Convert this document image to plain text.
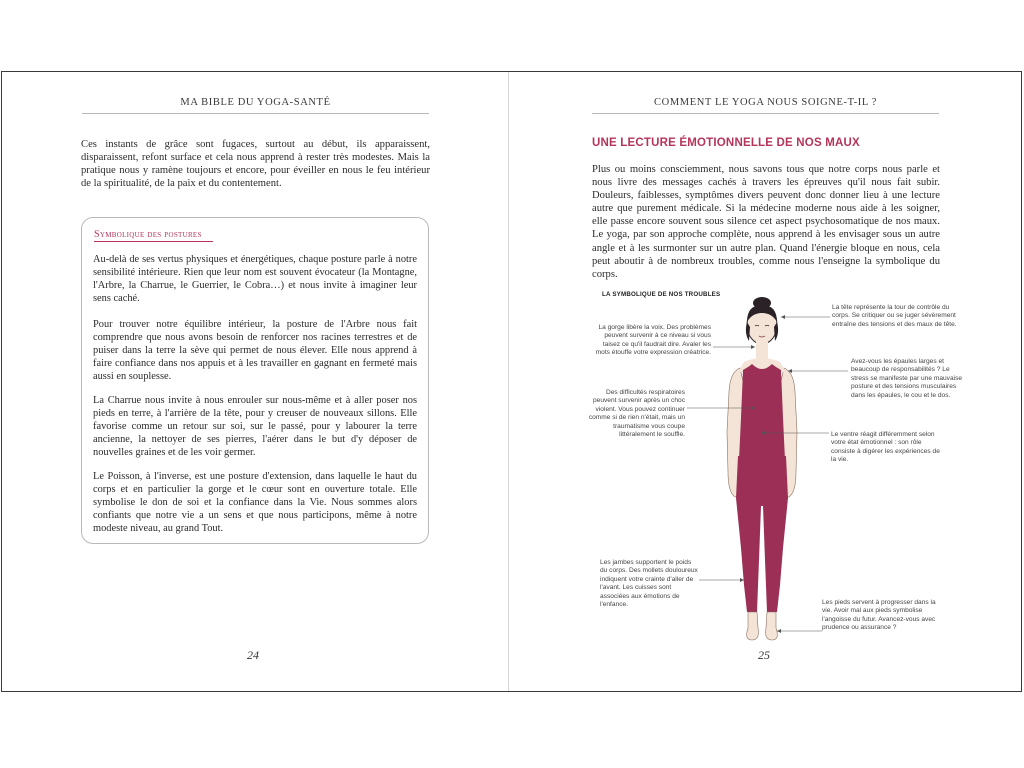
MA BIBLE DU YOGA-SANTÉ

Ces instants de grâce sont fugaces, surtout au début, ils apparaissent, disparaissent, refont surface et cela nous apprend à rester très modestes. Mais la pratique nous y ramène toujours et encore, pour éveiller en nous le feu intérieur de la spiritualité, de la paix et du contentement.

Symbolique des postures

Au-delà de ses vertus physiques et énergétiques, chaque posture parle à notre sensibilité intérieure. Rien que leur nom est souvent évocateur (la Montagne, l'Arbre, la Charrue, le Guerrier, le Cobra…) et nous invite à imaginer leur sens caché.

Pour trouver notre équilibre intérieur, la posture de l'Arbre nous fait comprendre que nous avons besoin de renforcer nos racines terrestres et de puiser dans la terre la sève qui permet de nous élever. Elle nous apprend à faire confiance dans nos appuis et à les travailler en gagnant en fermeté mais aussi en souplesse.

La Charrue nous invite à nous enrouler sur nous-même et à aller poser nos pieds en terre, à l'arrière de la tête, pour y creuser de nouveaux sillons. Elle favorise comme un retour sur soi, sur le passé, pour y labourer la terre ancienne, la nettoyer de ses pierres, l'aérer dans le but d'y déposer de nouvelles graines et de les voir germer.

Le Poisson, à l'inverse, est une posture d'extension, dans laquelle le haut du corps et en particulier la gorge et le cœur sont en ouverture totale. Elle symbolise le don de soi et la confiance dans la Vie. Nous sommes alors confiants que notre vie a un sens et que nous participons, même à notre modeste niveau, au grand Tout.

24
COMMENT LE YOGA NOUS SOIGNE-T-IL ?
UNE LECTURE ÉMOTIONNELLE DE NOS MAUX

Plus ou moins consciemment, nous savons tous que notre corps nous parle et nous livre des messages cachés à travers les épreuves qu'il nous fait subir. Douleurs, faiblesses, symptômes divers peuvent donc donner lieu à une lecture autre que purement médicale. Si la médecine moderne nous aide à les soigner, elle passe encore souvent sous silence cet aspect psychosomatique de nos maux. Le yoga, par son approche complète, nous apprend à les envisager sous un autre angle et à les surmonter sur un autre plan. Quand l'énergie bloque en nous, cela peut aboutir à de nombreux troubles, comme nous l'enseigne la symbolique du corps.

LA SYMBOLIQUE DE NOS TROUBLES
La tête représente la tour de contrôle du corps. Se critiquer ou se juger sévèrement entraîne des tensions et des maux de tête.
La gorge libère la voix. Des problèmes peuvent survenir à ce niveau si vous taisez ce qu'il faudrait dire. Avaler les mots étouffe votre expression créatrice.
Avez-vous les épaules larges et beaucoup de responsabilités ? Le stress se manifeste par une mauvaise posture et des tensions musculaires dans les épaules, le cou et le dos.
Des difficultés respiratoires peuvent survenir après un choc violent. Vous pouvez continuer comme si de rien n'était, mais un traumatisme vous coupe littéralement le souffle.	Le ventre réagit différemment selon votre état émotionnel : son rôle consiste à digérer les expériences de la vie.
Les jambes supportent le poids du corps. Des mollets douloureux indiquent votre crainte d'aller de l'avant. Les cuisses sont associées aux émotions de l'enfance.	Les pieds servent à progresser dans la vie. Avoir mal aux pieds symbolise l'angoisse du futur. Avancez-vous avec prudence ou assurance ?
25
